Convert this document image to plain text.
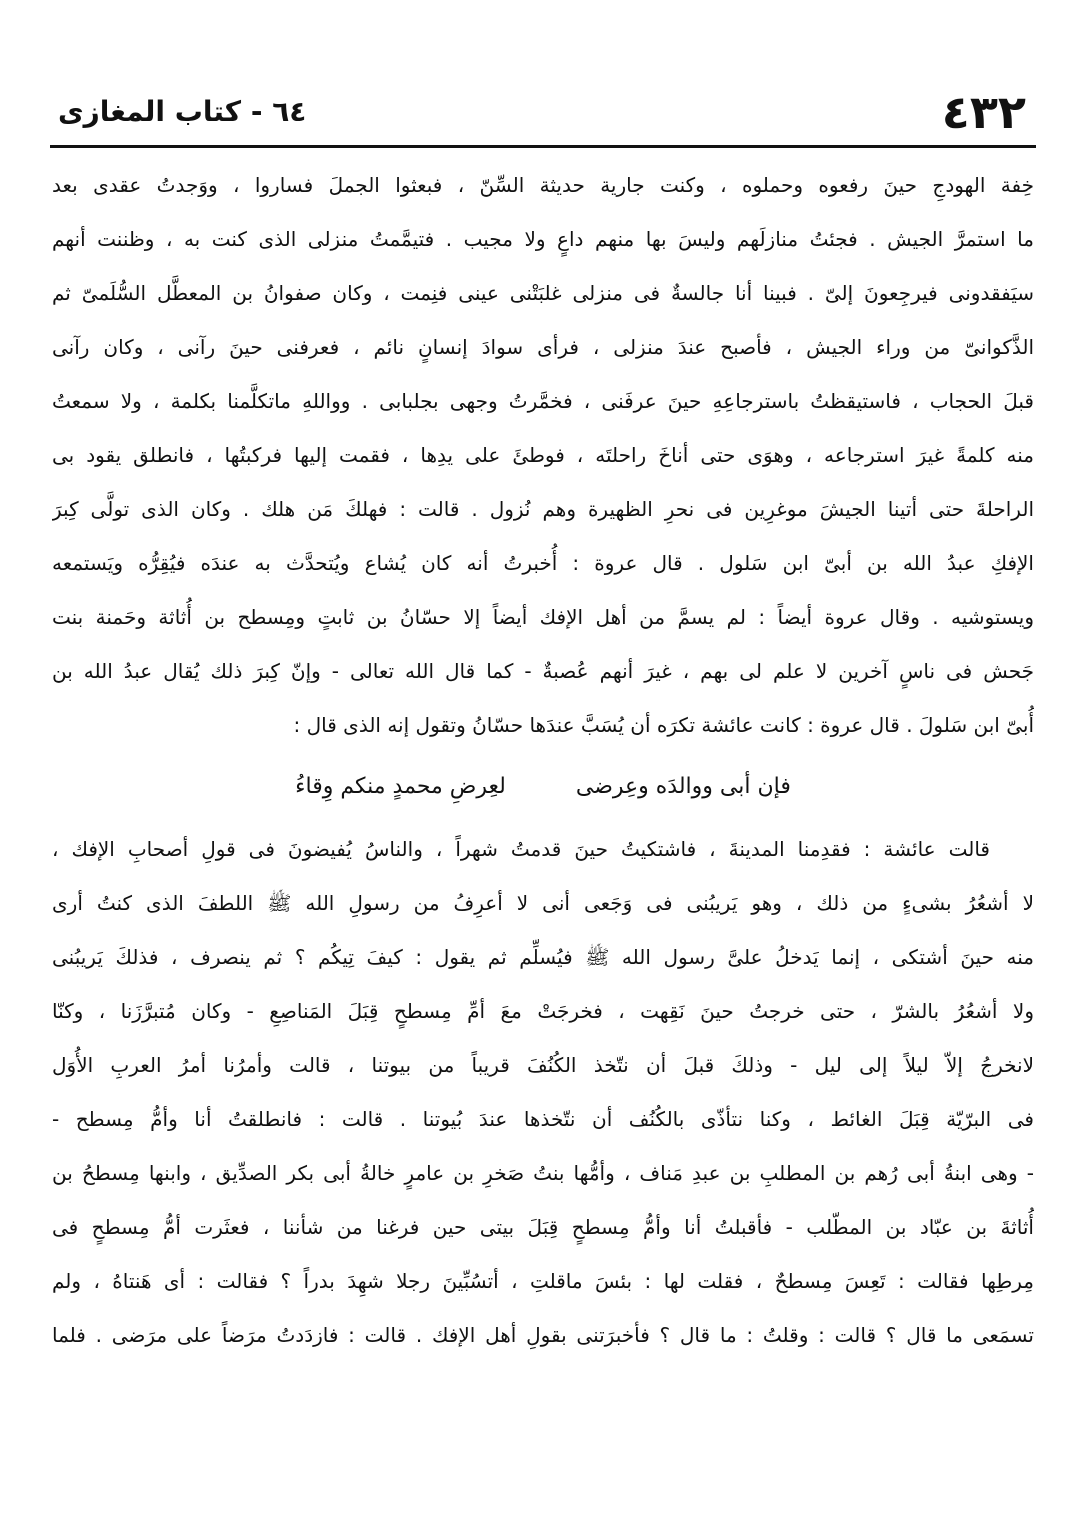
٤٣٢
٦٤ - كتاب المغازى
خِفة الهودجِ حينَ رفعوه وحملوه ، وكنت جارية حديثة السِّنّ ، فبعثوا الجملَ فساروا ، ووَجدتُ عقدى بعد
ما استمرَّ الجيش . فجئتُ منازلَهم وليسَ بها منهم داعٍ ولا مجيب . فتيمَّمتُ منزلى الذى كنت به ، وظننت أنهم
سيَفقدونى فيرجِعونَ إلىّ . فبينا أنا جالسةٌ فى منزلى غلبَتْنى عينى فنِمت ، وكان صفوانُ بن المعطَّل السُّلَمىّ ثم
الذَّكوانىّ من وراء الجيش ، فأصبح عندَ منزلى ، فرأى سوادَ إنسانٍ نائم ، فعرفنى حينَ رآنى ، وكان رآنى
قبلَ الحجاب ، فاستيقظتُ باسترجاعِهِ حينَ عرفَنى ، فخمَّرتُ وجهى بجلبابى . وواللهِ ماتكلَّمنا بكلمة ، ولا سمعتُ
منه كلمةً غيرَ استرجاعه ، وهوَى حتى أناخَ راحلتَه ، فوطئَ على يدِها ، فقمت إليها فركبتُها ، فانطلق يقود بى
الراحلةَ حتى أتينا الجيشَ موغرِين فى نحرِ الظهيرة وهم نُزول . قالت : فهلكَ مَن هلك . وكان الذى تولَّى كِبرَ
الإفكِ عبدُ الله بن أبىّ ابن سَلول . قال عروة : أُخبرتُ أنه كان يُشاع ويُتحدَّث به عندَه فيُقِرُّه ويَستمعه
ويستوشيه . وقال عروة أيضاً : لم يسمَّ من أهل الإفك أيضاً إلا حسّانُ بن ثابتٍ ومِسطح بن أُثاثة وحَمنة بنت
جَحش فى ناسٍ آخرين لا علم لى بهم ، غيرَ أنهم عُصبةٌ - كما قال الله تعالى - وإنّ كِبرَ ذلك يُقال عبدُ الله بن
أُبىّ ابن سَلولَ . قال عروة : كانت عائشة تكرَه أن يُسَبَّ عندَها حسّانُ وتقول إنه الذى قال :
فإن أبى ووالدَه وعِرضى
لعِرضِ محمدٍ منكم وِقاءُ
قالت عائشة : فقدِمنا المدينةَ ، فاشتكيتُ حينَ قدمتُ شهراً ، والناسُ يُفيضونَ فى قولِ أصحابِ الإفك ،
لا أشعُرُ بشىءٍ من ذلك ، وهو يَريبُنى فى وَجَعى أنى لا أعرِفُ من رسولِ الله ﷺ اللطفَ الذى كنتُ أرى
منه حينَ أشتكى ، إنما يَدخلُ علىَّ رسول الله ﷺ فيُسلِّم ثم يقول : كيفَ تِيكُم ؟ ثم ينصرف ، فذلكَ يَريبُنى
ولا أشعُرُ بالشرّ ، حتى خرجتُ حينَ نَقِهت ، فخرجَتْ معَ أمِّ مِسطحٍ قِبَلَ المَناصِعِ - وكان مُتبرَّزَنا ، وكنّا
لانخرجُ إلاّ ليلاً إلى ليل - وذلكَ قبلَ أن نتّخذ الكُنُفَ قريباً من بيوتنا ، قالت وأمرُنا أمرُ العربِ الأُوَل
فى البرّيّة قِبَلَ الغائط ، وكنا نتأذّى بالكُنُف أن نتّخذها عندَ بُيوتنا . قالت : فانطلقتُ أنا وأمُّ مِسطح -
- وهى ابنةُ أبى رُهم بن المطلبِ بن عبدِ مَناف ، وأمُّها بنتُ صَخرِ بن عامرٍ خالةُ أبى بكر الصدِّيق ، وابنها مِسطحُ بن
أُثاثةَ بن عبّاد بن المطّلب - فأقبلتُ أنا وأمُّ مِسطحٍ قِبَلَ بيتى حين فرغنا من شأننا ، فعثَرت أمُّ مِسطحٍ فى
مِرطِها فقالت : تَعِسَ مِسطحٌ ، فقلت لها : بئسَ ماقلتِ ، أتسُبِّينَ رجلا شهِدَ بدراً ؟ فقالت : أى هَنتاهُ ، ولم
تسمَعى ما قال ؟ قالت : وقلتُ : ما قال ؟ فأخبرَتنى بقولِ أهل الإفك . قالت : فازدَدتُ مرَضاً على مرَضى . فلما
